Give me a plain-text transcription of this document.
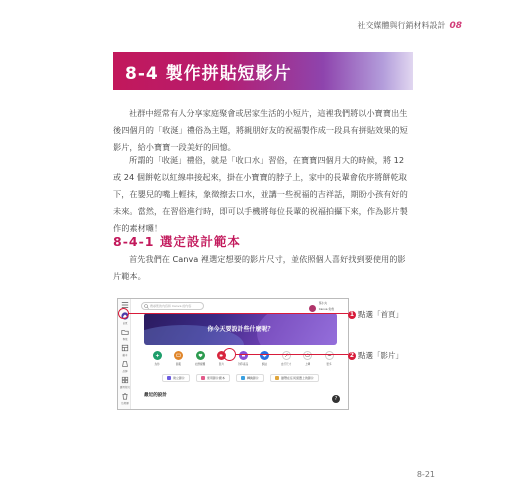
社交媒體與行銷材料設計 08
8-4 製作拼貼短影片

社群中經常有人分享家庭聚會或居家生活的小短片，這裡我們將以小寶寶出生後四個月的「收涎」禮俗為主題，將親朋好友的祝福製作成一段具有拼貼效果的短影片，給小寶寶一段美好的回憶。

所謂的「收涎」禮俗，就是「收口水」習俗，在寶寶四個月大的時候，將 12 或 24 個餅乾以紅線串接起來，掛在小寶寶的脖子上，家中的長輩會依序將餅乾取下，在嬰兒的嘴上輕抹，象徵擦去口水，並講一些祝福的吉祥話，期盼小孩有好的未來。當然，在習俗進行時，即可以手機將每位長輩的祝福拍攝下來，作為影片製作的素材囉！

8-4-1 選定設計範本

首先我們在 Canva 裡選定想要的影片尺寸，並依照個人喜好找到要使用的影片範本。

首頁
專案
範本
品牌
應用程式
垃圾桶
搜尋您的內容和 Canva 的內容
蔡小丸
Canva 免費
你今天要設計些什麼呢？
為你	簡報	社群媒體	影片	列印產品	網站	自訂尺寸	上傳	更多
建立影片	使用影片範本	轉換影片	瀏覽在任何裝置上的影片
最近的設計
?
1 點選「首頁」
2 點選「影片」
8-21
